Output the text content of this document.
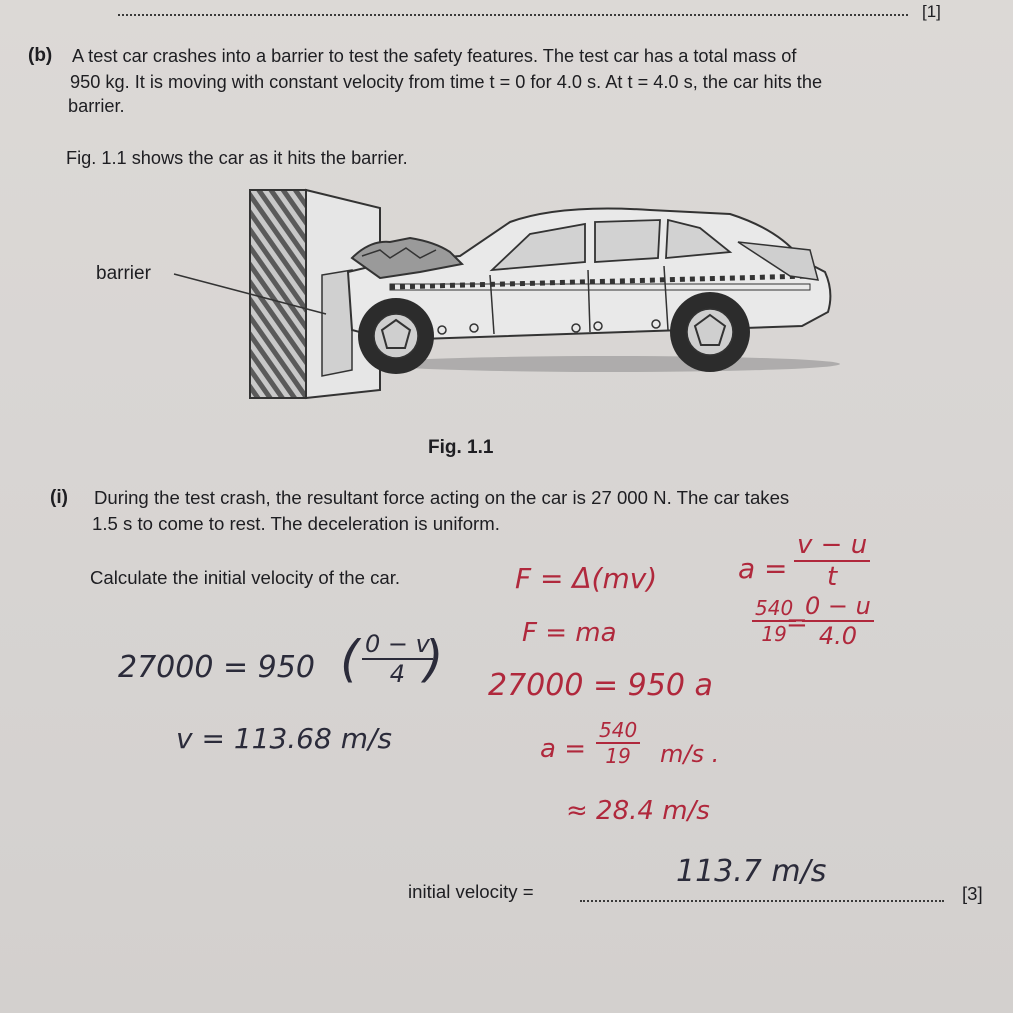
[1]
(b) A test car crashes into a barrier to test the safety features. The test car has a total mass of
950 kg. It is moving with constant velocity from time t = 0 for 4.0 s. At t = 4.0 s, the car hits the
barrier.
Fig. 1.1 shows the car as it hits the barrier.
barrier
Fig. 1.1
(i) During the test crash, the resultant force acting on the car is 27 000 N. The car takes
1.5 s to come to rest. The deceleration is uniform.
Calculate the initial velocity of the car.	F = Δ(mv)
F = ma
$a = \frac{v - u}{t}$
$\frac{540}{19}$
=
$\frac{0 - u}{4.0}$
27000 = 950 a
$a = \frac{540}{19} m/s$ .
≈ 28.4 m/s
27000 = 950 ( $\frac{0 - v}{4}$
)
v = 113.68 m/s
initial velocity =
113.7 m/s
[3]
